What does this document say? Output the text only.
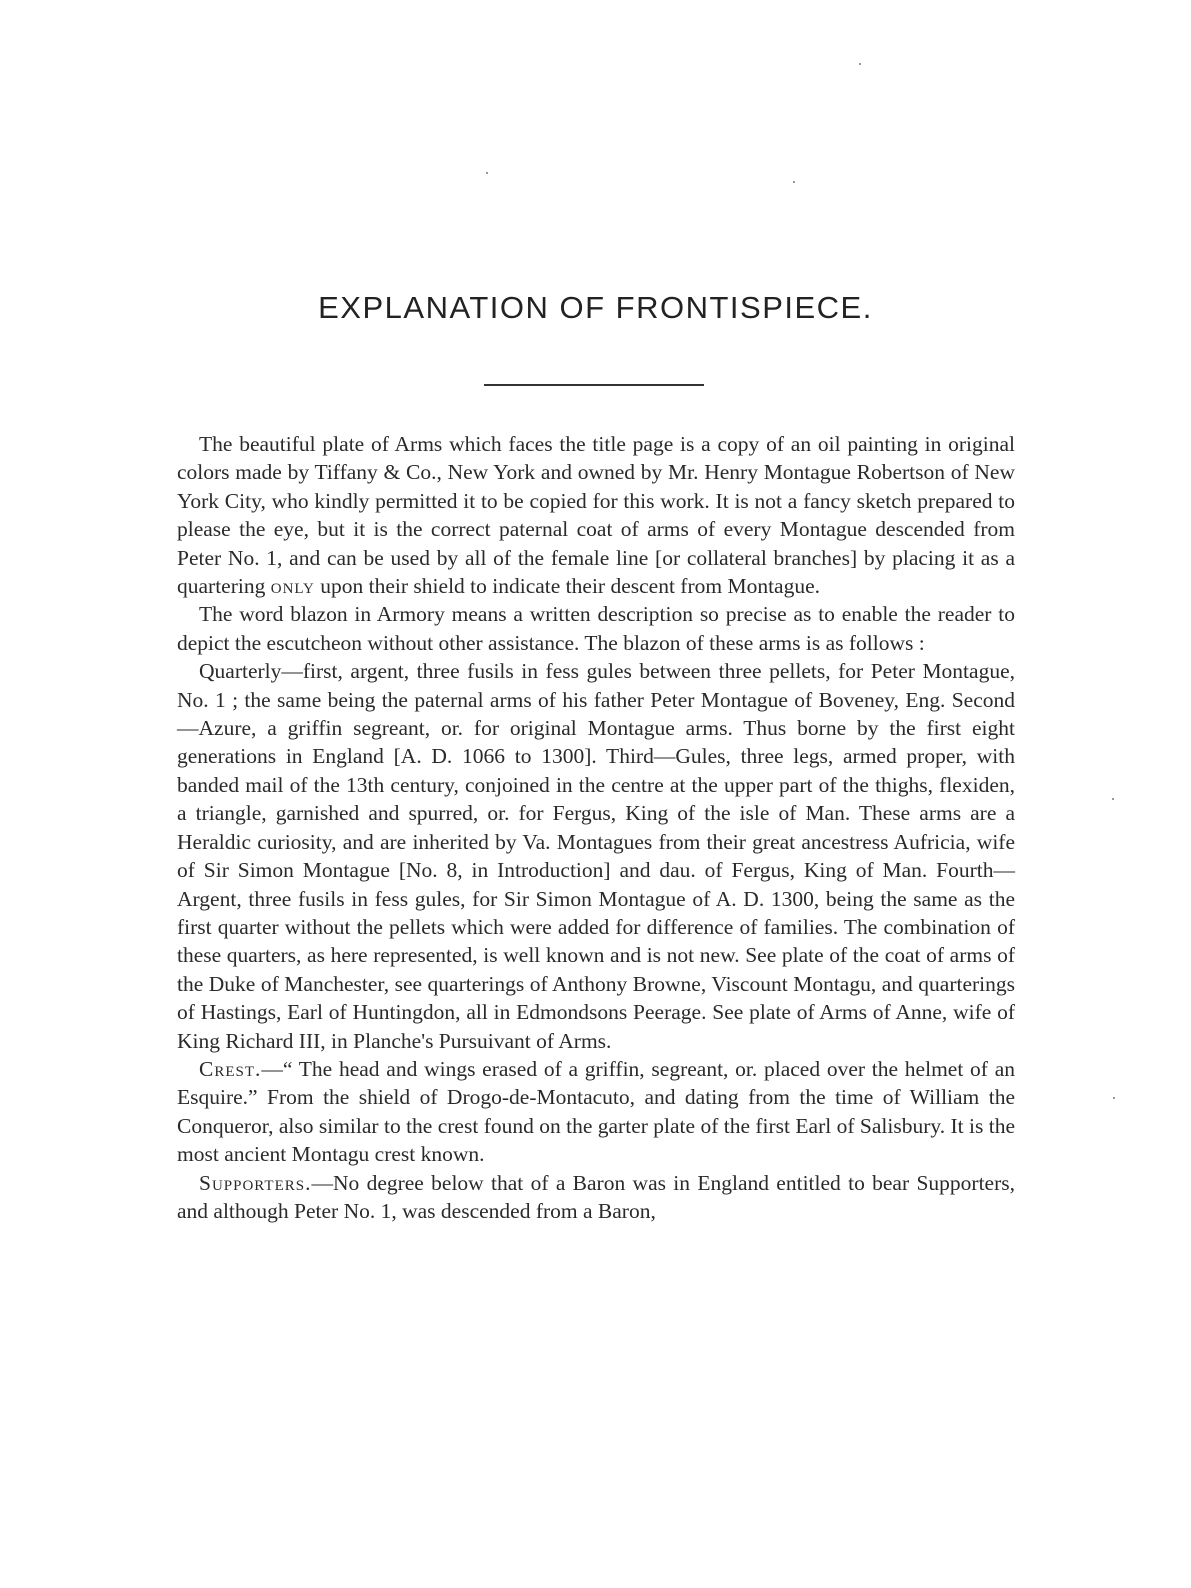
EXPLANATION OF FRONTISPIECE.

The beautiful plate of Arms which faces the title page is a copy of an oil painting in original colors made by Tiffany & Co., New York and owned by Mr. Henry Montague Robertson of New York City, who kindly permitted it to be copied for this work. It is not a fancy sketch prepared to please the eye, but it is the correct paternal coat of arms of every Montague descended from Peter No. 1, and can be used by all of the female line [or collateral branches] by placing it as a quartering only upon their shield to indicate their descent from Montague.

The word blazon in Armory means a written description so precise as to enable the reader to depict the escutcheon without other assistance. The blazon of these arms is as follows :

Quarterly—first, argent, three fusils in fess gules between three pellets, for Peter Montague, No. 1 ; the same being the paternal arms of his father Peter Montague of Boveney, Eng. Second—Azure, a griffin segreant, or. for original Montague arms. Thus borne by the first eight generations in England [A. D. 1066 to 1300]. Third—Gules, three legs, armed proper, with banded mail of the 13th century, conjoined in the centre at the upper part of the thighs, flexiden, a triangle, garnished and spurred, or. for Fergus, King of the isle of Man. These arms are a Heraldic curiosity, and are inherited by Va. Montagues from their great ancestress Aufricia, wife of Sir Simon Montague [No. 8, in Introduction] and dau. of Fergus, King of Man. Fourth—Argent, three fusils in fess gules, for Sir Simon Montague of A. D. 1300, being the same as the first quarter without the pellets which were added for difference of families. The combination of these quarters, as here represented, is well known and is not new. See plate of the coat of arms of the Duke of Manchester, see quarterings of Anthony Browne, Viscount Montagu, and quarterings of Hastings, Earl of Huntingdon, all in Edmondsons Peerage. See plate of Arms of Anne, wife of King Richard III, in Planche's Pursuivant of Arms.

Crest.—“ The head and wings erased of a griffin, segreant, or. placed over the helmet of an Esquire.” From the shield of Drogo-de-Montacuto, and dating from the time of William the Conqueror, also similar to the crest found on the garter plate of the first Earl of Salisbury. It is the most ancient Montagu crest known.

Supporters.—No degree below that of a Baron was in England entitled to bear Supporters, and although Peter No. 1, was descended from a Baron,
